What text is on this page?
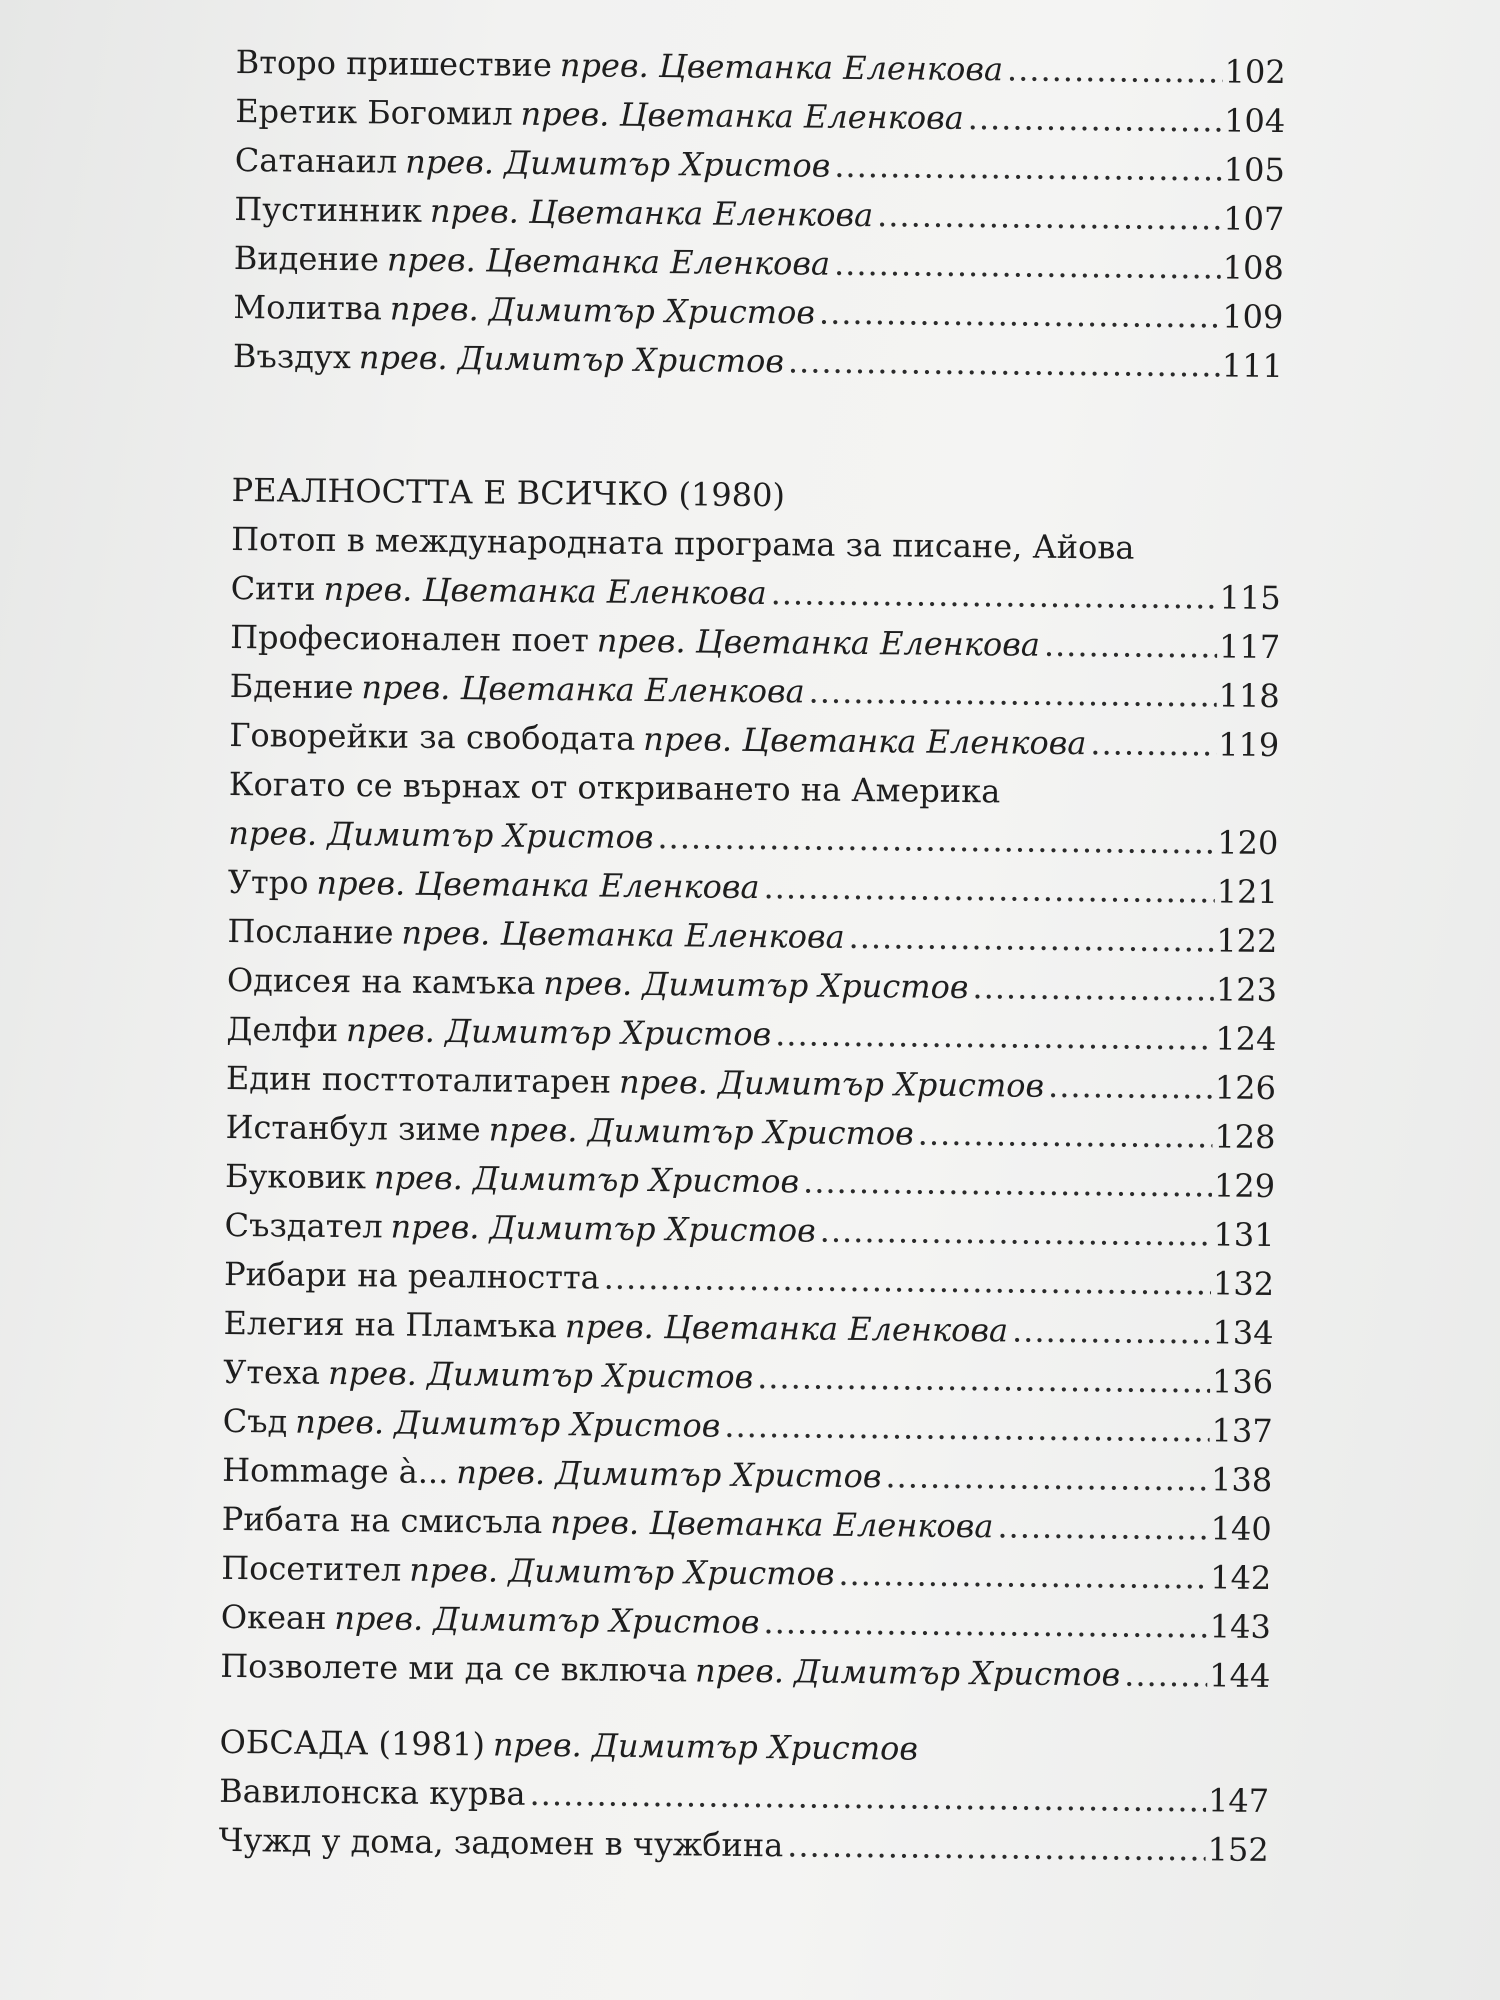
Второ пришествие прев. Цветанка Еленкова .....	102
Еретик Богомил прев. Цветанка Еленкова .....	104
Сатанаил прев. Димитър Христов .....	105
Пустинник прев. Цветанка Еленкова .....	107
Видение прев. Цветанка Еленкова .....	108
Молитва прев. Димитър Христов .....	109
Въздух прев. Димитър Христов .....	111
РЕАЛНОСТТА Е ВСИЧКО (1980)
Потоп в международната програма за писане, Айова
Сити прев. Цветанка Еленкова .....	115
Професионален поет прев. Цветанка Еленкова .....	117
Бдение прев. Цветанка Еленкова .....	118
Говорейки за свободата прев. Цветанка Еленкова .....	119
Когато се върнах от откриването на Америка
прев. Димитър Христов .....	120
Утро прев. Цветанка Еленкова .....	121
Послание прев. Цветанка Еленкова .....	122
Одисея на камъка прев. Димитър Христов .....	123
Делфи прев. Димитър Христов .....	124
Един посттоталитарен прев. Димитър Христов .....	126
Истанбул зиме прев. Димитър Христов .....	128
Буковик прев. Димитър Христов .....	129
Създател прев. Димитър Христов .....	131
Рибари на реалността .....	132
Елегия на Пламъка прев. Цветанка Еленкова .....	134
Утеха прев. Димитър Христов .....	136
Съд прев. Димитър Христов .....	137
Hommage à... прев. Димитър Христов .....	138
Рибата на смисъла прев. Цветанка Еленкова .....	140
Посетител прев. Димитър Христов .....	142
Океан прев. Димитър Христов .....	143
Позволете ми да се включа прев. Димитър Христов .....	144
ОБСАДА (1981) прев. Димитър Христов
Вавилонска курва .....	147
Чужд у дома, задомен в чужбина .....	152
